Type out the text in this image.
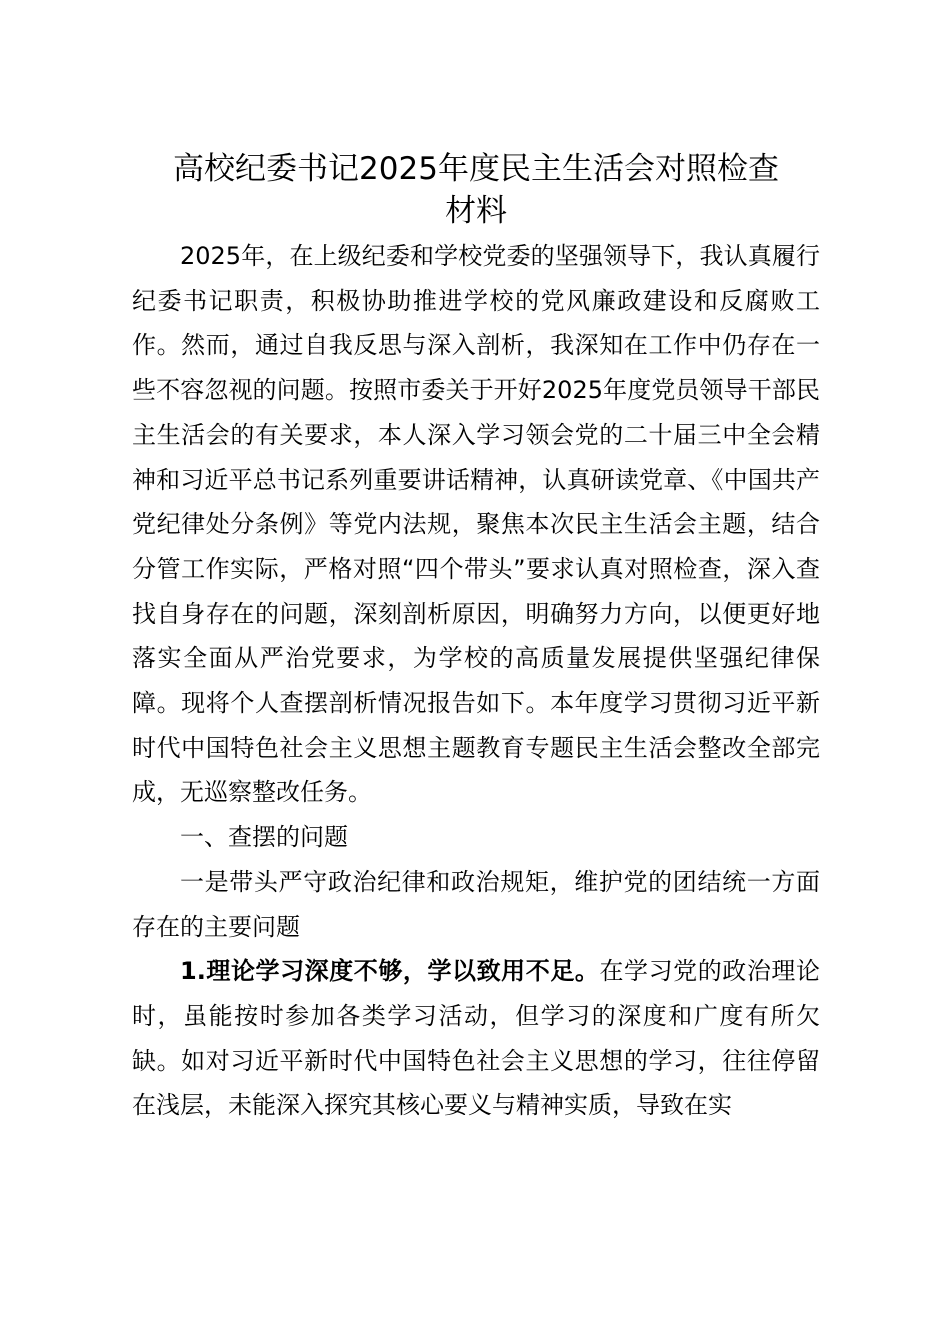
高校纪委书记2025年度民主生活会对照检查
材料

2025年，在上级纪委和学校党委的坚强领导下，我认真履行纪委书记职责，积极协助推进学校的党风廉政建设和反腐败工作。然而，通过自我反思与深入剖析，我深知在工作中仍存在一些不容忽视的问题。按照市委关于开好2025年度党员领导干部民主生活会的有关要求，本人深入学习领会党的二十届三中全会精神和习近平总书记系列重要讲话精神，认真研读党章、《中国共产党纪律处分条例》等党内法规，聚焦本次民主生活会主题，结合分管工作实际，严格对照“四个带头”要求认真对照检查，深入查找自身存在的问题，深刻剖析原因，明确努力方向，以便更好地落实全面从严治党要求，为学校的高质量发展提供坚强纪律保障。现将个人查摆剖析情况报告如下。本年度学习贯彻习近平新时代中国特色社会主义思想主题教育专题民主生活会整改全部完成，无巡察整改任务。

一、查摆的问题

一是带头严守政治纪律和政治规矩，维护党的团结统一方面存在的主要问题

1.理论学习深度不够，学以致用不足。在学习党的政治理论时，虽能按时参加各类学习活动，但学习的深度和广度有所欠缺。如对习近平新时代中国特色社会主义思想的学习，往往停留在浅层，未能深入探究其核心要义与精神实质，导致在实
